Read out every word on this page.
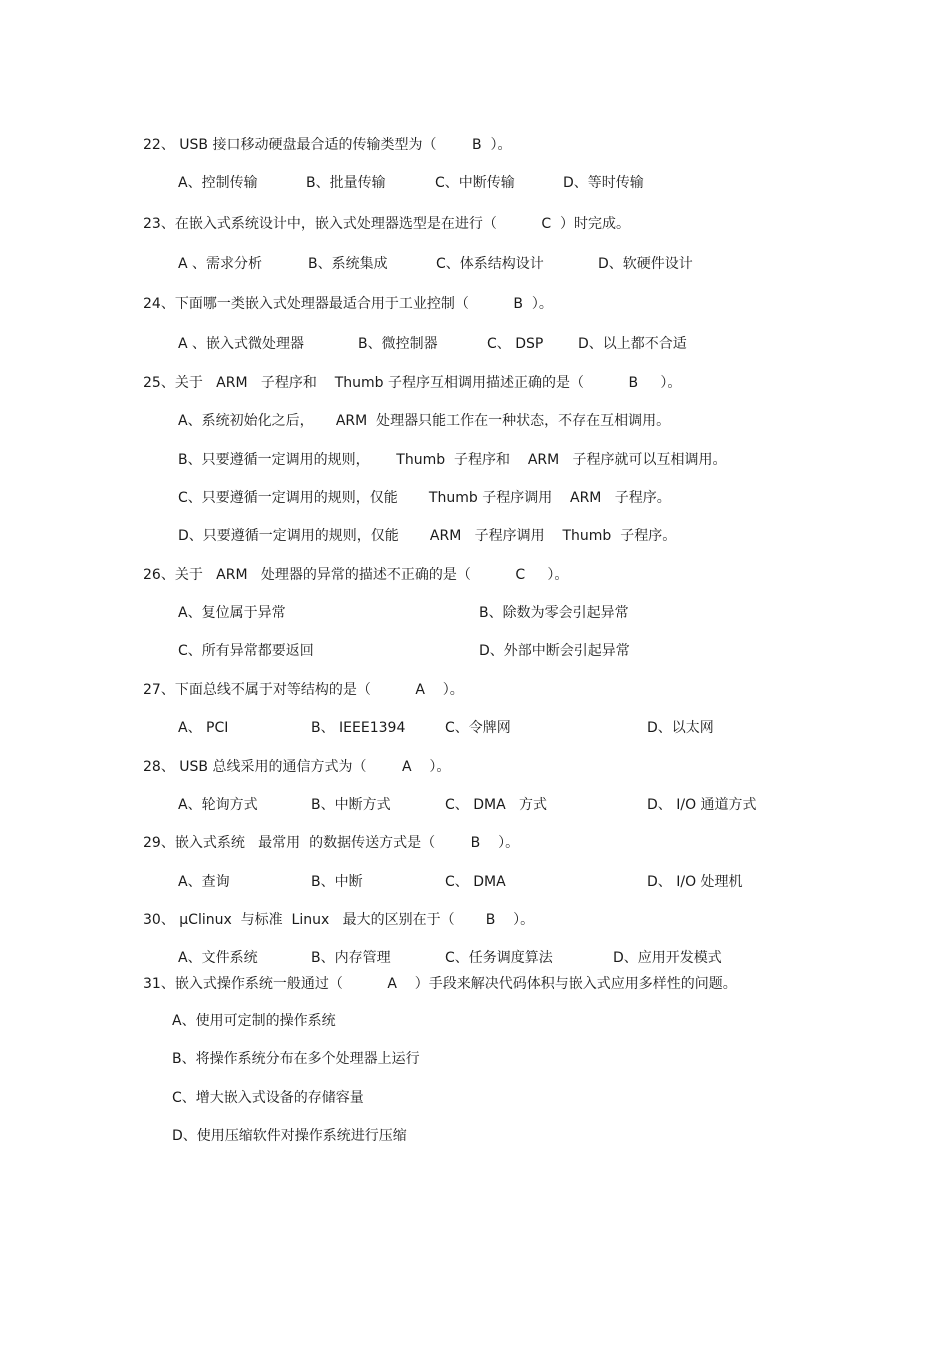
22、 USB 接口移动硬盘最合适的传输类型为（        B  ）。
A、控制传输	B、批量传输	C、中断传输	D、等时传输
23、在嵌入式系统设计中，嵌入式处理器选型是在进行（          C  ）时完成。
A 、需求分析	B、系统集成	C、体系结构设计	D、软硬件设计
24、下面哪一类嵌入式处理器最适合用于工业控制（          B  ）。
A 、嵌入式微处理器	B、微控制器	C、 DSP D、以上都不合适
25、关于   ARM   子程序和    Thumb 子程序互相调用描述正确的是（          B     ）。
A、系统初始化之后，     ARM  处理器只能工作在一种状态，不存在互相调用。
B、只要遵循一定调用的规则，      Thumb  子程序和    ARM   子程序就可以互相调用。
C、只要遵循一定调用的规则，仅能       Thumb 子程序调用    ARM   子程序。
D、只要遵循一定调用的规则，仅能       ARM   子程序调用    Thumb  子程序。
26、关于   ARM   处理器的异常的描述不正确的是（          C     ）。
A、复位属于异常	B、除数为零会引起异常
C、所有异常都要返回	D、外部中断会引起异常
27、下面总线不属于对等结构的是（          A    ）。
A、 PCI	B、 IEEE1394	C、令牌网	D、以太网
28、 USB 总线采用的通信方式为（        A    ）。
A、轮询方式	B、中断方式	C、 DMA   方式	D、 I/O 通道方式
29、嵌入式系统   最常用  的数据传送方式是（        B    ）。
A、查询	B、中断	C、 DMA	D、 I/O 处理机
30、 μClinux  与标准  Linux   最大的区别在于（       B    ）。
A、文件系统	B、内存管理	C、任务调度算法	D、应用开发模式
31、嵌入式操作系统一般通过（          A    ）手段来解决代码体积与嵌入式应用多样性的问题。
A、使用可定制的操作系统
B、将操作系统分布在多个处理器上运行
C、增大嵌入式设备的存储容量
D、使用压缩软件对操作系统进行压缩
